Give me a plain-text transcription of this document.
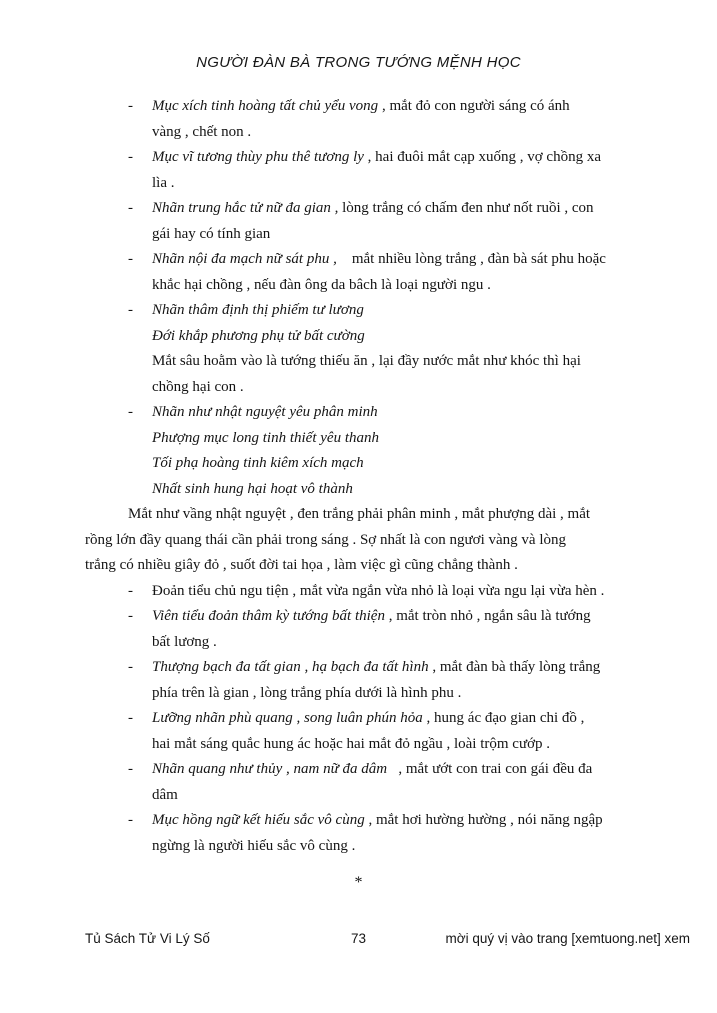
NGƯỜI ĐÀN BÀ TRONG TƯỚNG MỆNH HỌC
- Mục xích tinh hoàng tất chủ yểu vong , mắt đỏ con người sáng có ánh
vàng , chết non .
- Mục vĩ tương thùy phu thê tương ly , hai đuôi mắt cạp xuống , vợ chồng xa
lìa .
- Nhãn trung hắc tử nữ đa gian , lòng trắng có chấm đen như nốt ruồi , con
gái hay có tính gian
- Nhãn nội đa mạch nữ sát phu ,    mắt nhiều lòng trắng , đàn bà sát phu hoặc
khắc hại chồng , nếu đàn ông da bâch là loại người ngu .
- Nhãn thâm định thị phiếm tư lương
Đới khắp phương phụ tử bất cường
Mắt sâu hoằm vào là tướng thiếu ăn , lại đầy nước mắt như khóc thì hại
chồng hại con .
- Nhãn như nhật nguyệt yêu phân minh
Phượng mục long tinh thiết yêu thanh
Tối phạ hoàng tinh kiêm xích mạch
Nhất sinh hung hại hoạt vô thành
Mắt như vầng nhật nguyệt , đen trắng phải phân minh , mắt phượng dài , mắt
rồng lớn đầy quang thái cần phải trong sáng . Sợ nhất là con ngươi vàng và lòng
trắng có nhiều giây đỏ , suốt đời tai họa , làm việc gì cũng chẳng thành .
- Đoản tiểu chủ ngu tiện , mắt vừa ngắn vừa nhỏ là loại vừa ngu lại vừa hèn .
- Viên tiểu đoản thâm kỳ tướng bất thiện , mắt tròn nhỏ , ngắn sâu là tướng
bất lương .
- Thượng bạch đa tất gian , hạ bạch đa tất hình , mắt đàn bà thấy lòng trắng
phía trên là gian , lòng trắng phía dưới là hình phu .
- Lưỡng nhãn phù quang , song luân phún hỏa , hung ác đạo gian chi đồ ,
hai mắt sáng quắc hung ác hoặc hai mắt đỏ ngầu , loài trộm cướp .
- Nhãn quang như thủy , nam nữ đa dâm   , mắt ướt con trai con gái đều đa
dâm
- Mục hồng ngữ kết hiếu sắc vô cùng , mắt hơi hường hường , nói năng ngập
ngừng là người hiếu sắc vô cùng .
*
Tủ Sách Tử Vi Lý Số	73	mời quý vị vào trang [xemtuong.net] xem
